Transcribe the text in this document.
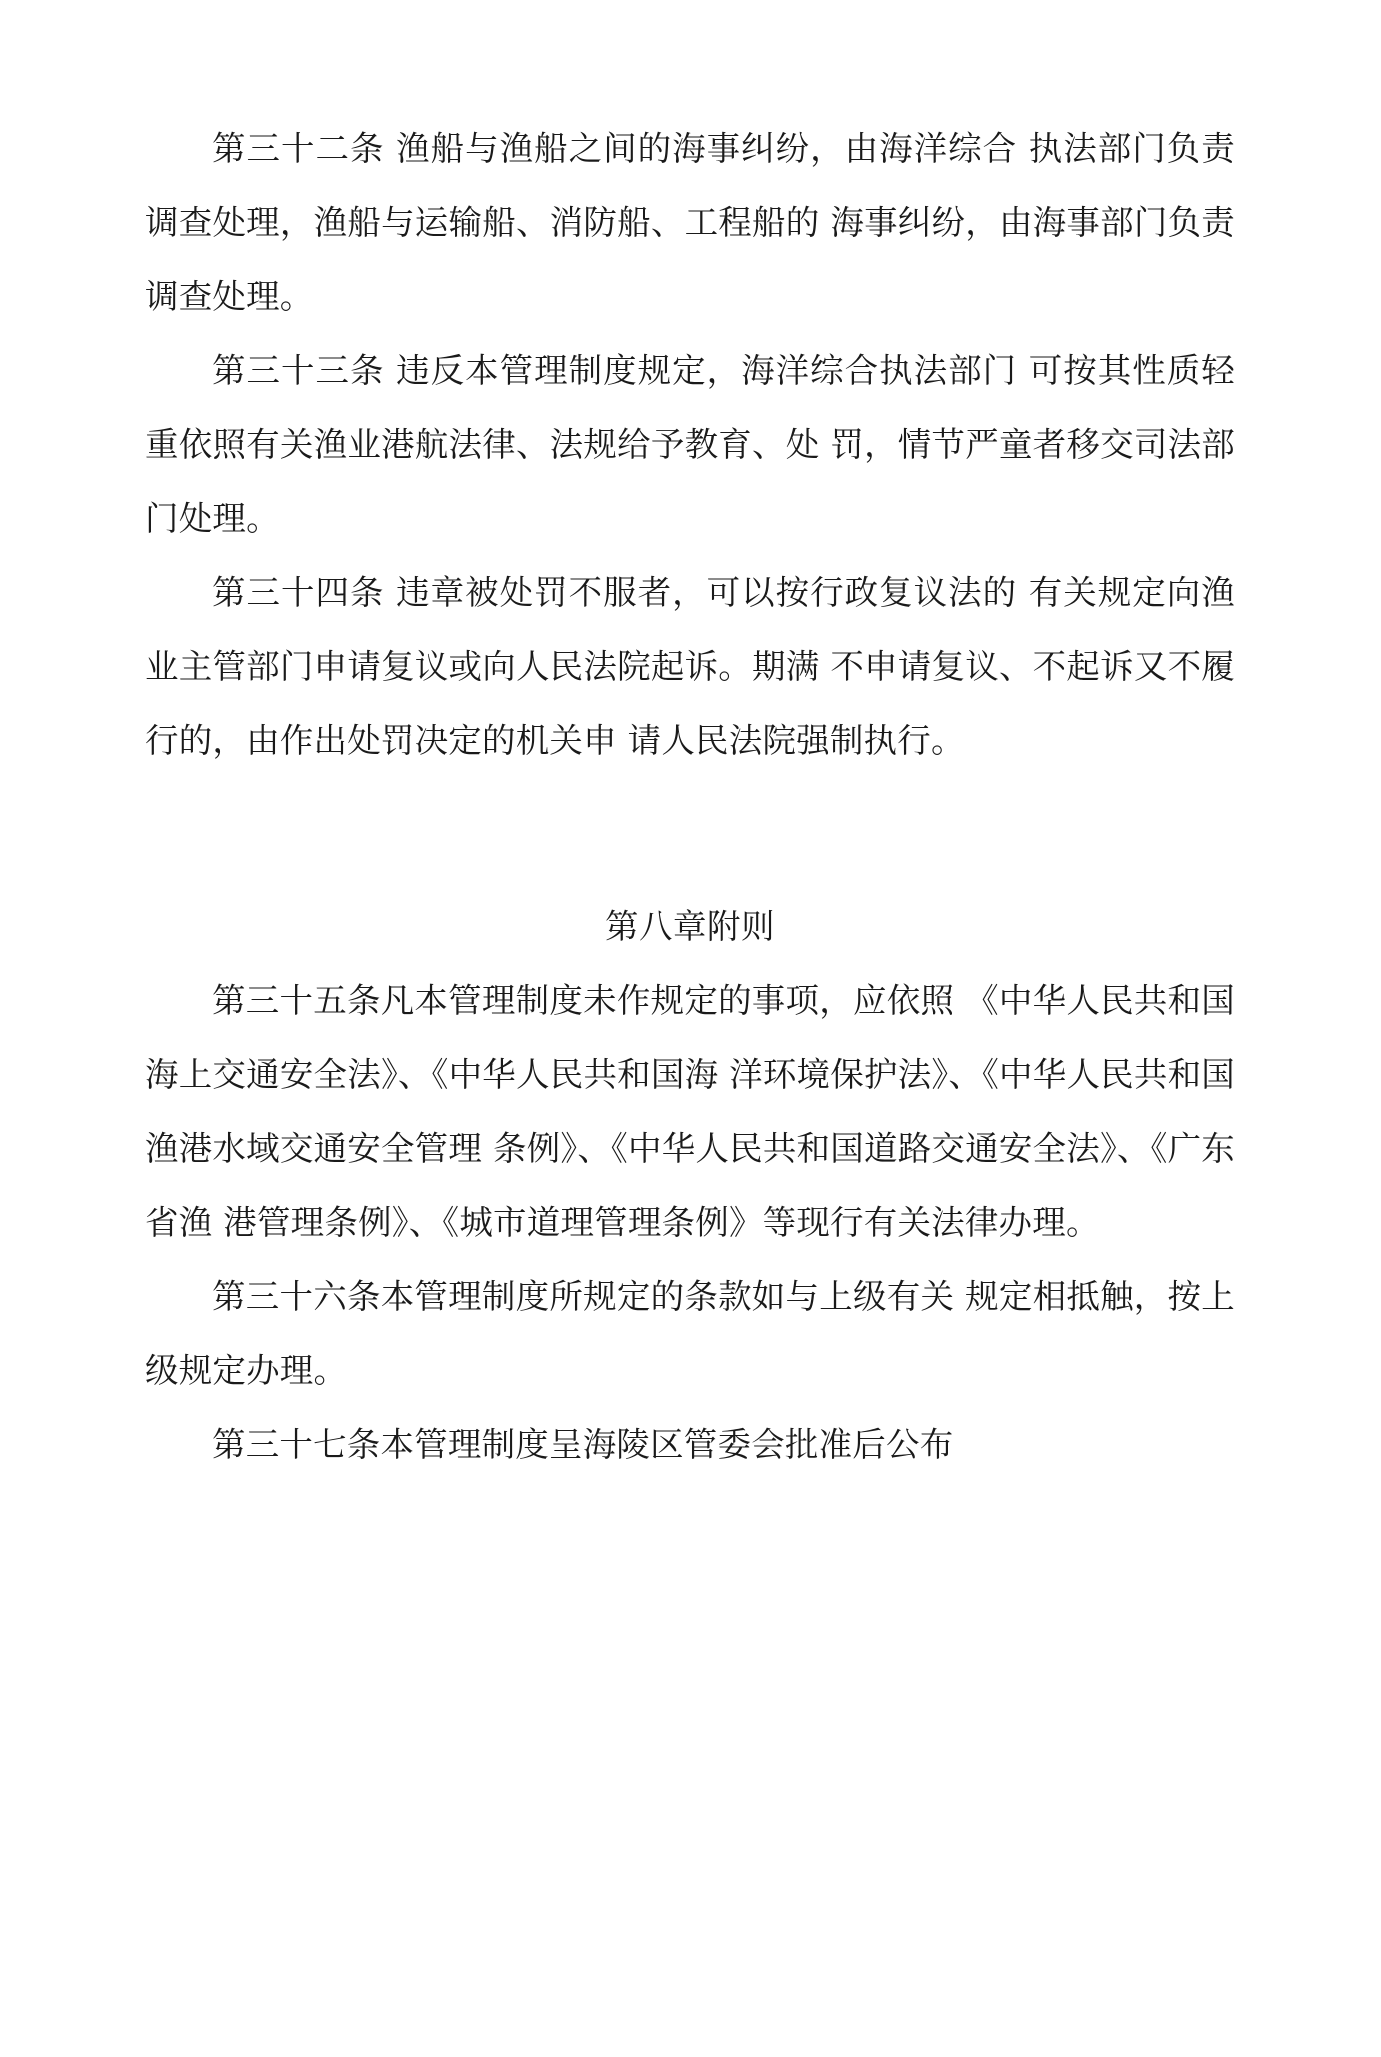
第三十二条 渔船与渔船之间的海事纠纷，由海洋综合 执法部门负责调查处理，渔船与运输船、消防船、工程船的 海事纠纷，由海事部门负责调查处理。

第三十三条 违反本管理制度规定，海洋综合执法部门 可按其性质轻重依照有关渔业港航法律、法规给予教育、处 罚，情节严童者移交司法部门处理。

第三十四条 违章被处罚不服者，可以按行政复议法的 有关规定向渔业主管部门申请复议或向人民法院起诉。期满 不申请复议、不起诉又不履行的，由作出处罚决定的机关申 请人民法院强制执行。

第八章附则

第三十五条凡本管理制度未作规定的事项，应依照 《中华人民共和国海上交通安全法》、《中华人民共和国海 洋环境保护法》、《中华人民共和国渔港水域交通安全管理 条例》、《中华人民共和国道路交通安全法》、《广东省渔 港管理条例》、《城市道理管理条例》等现行有关法律办理。

第三十六条本管理制度所规定的条款如与上级有关 规定相抵触，按上级规定办理。

第三十七条本管理制度呈海陵区管委会批准后公布
